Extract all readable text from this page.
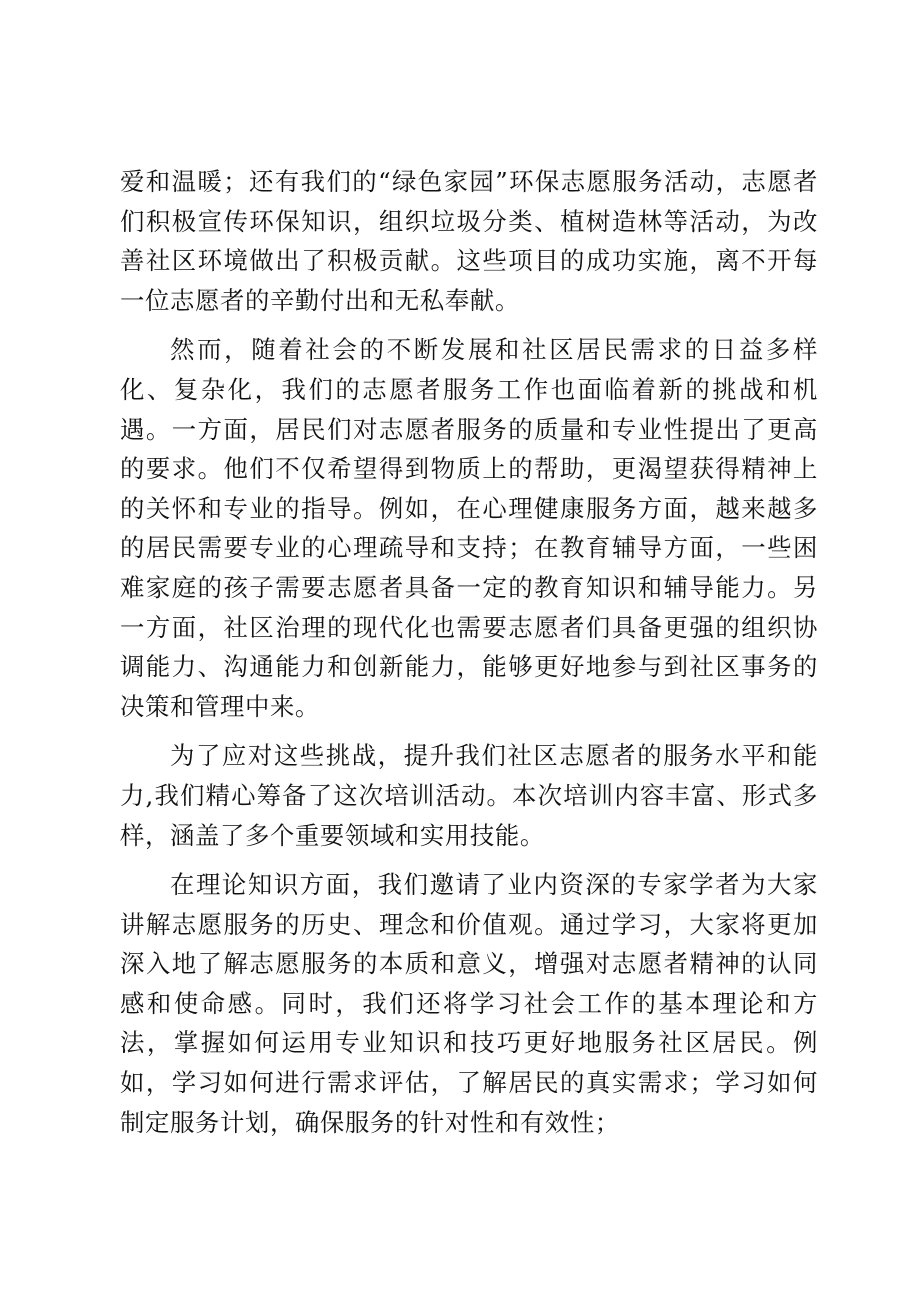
爱和温暖；还有我们的“绿色家园”环保志愿服务活动，志愿者们积极宣传环保知识，组织垃圾分类、植树造林等活动，为改善社区环境做出了积极贡献。这些项目的成功实施，离不开每一位志愿者的辛勤付出和无私奉献。

然而，随着社会的不断发展和社区居民需求的日益多样化、复杂化，我们的志愿者服务工作也面临着新的挑战和机遇。一方面，居民们对志愿者服务的质量和专业性提出了更高的要求。他们不仅希望得到物质上的帮助，更渴望获得精神上的关怀和专业的指导。例如，在心理健康服务方面，越来越多的居民需要专业的心理疏导和支持；在教育辅导方面，一些困难家庭的孩子需要志愿者具备一定的教育知识和辅导能力。另一方面，社区治理的现代化也需要志愿者们具备更强的组织协调能力、沟通能力和创新能力，能够更好地参与到社区事务的决策和管理中来。

为了应对这些挑战，提升我们社区志愿者的服务水平和能力,我们精心筹备了这次培训活动。本次培训内容丰富、形式多样，涵盖了多个重要领域和实用技能。

在理论知识方面，我们邀请了业内资深的专家学者为大家讲解志愿服务的历史、理念和价值观。通过学习，大家将更加深入地了解志愿服务的本质和意义，增强对志愿者精神的认同感和使命感。同时，我们还将学习社会工作的基本理论和方法，掌握如何运用专业知识和技巧更好地服务社区居民。例如，学习如何进行需求评估，了解居民的真实需求；学习如何制定服务计划，确保服务的针对性和有效性；
